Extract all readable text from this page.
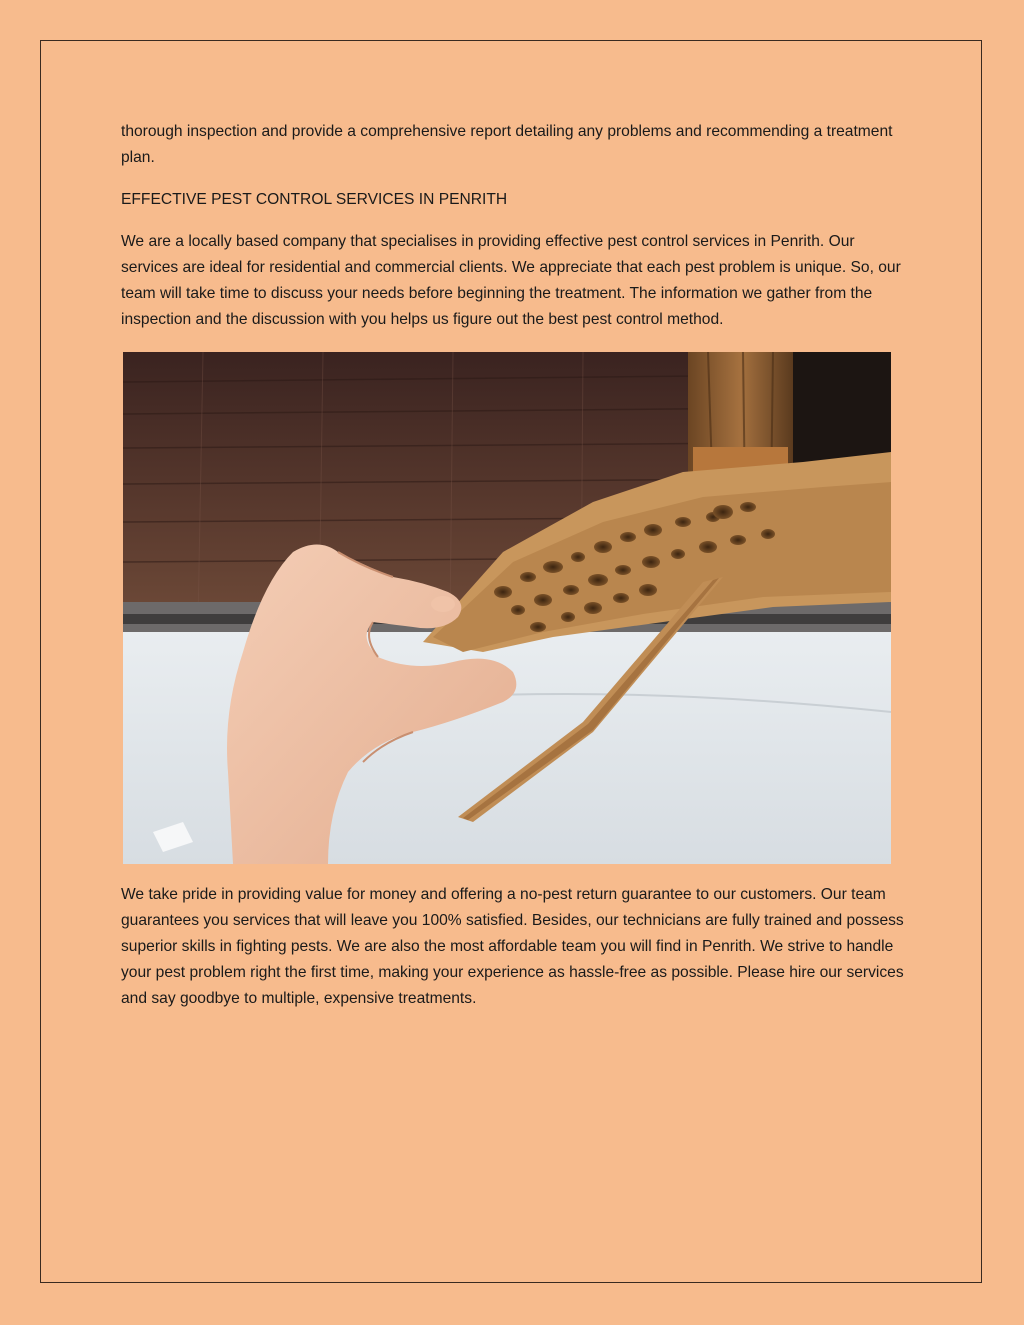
thorough inspection and provide a comprehensive report detailing any problems and recommending a treatment plan.

EFFECTIVE PEST CONTROL SERVICES IN PENRITH

We are a locally based company that specialises in providing effective pest control services in Penrith. Our services are ideal for residential and commercial clients. We appreciate that each pest problem is unique. So, our team will take time to discuss your needs before beginning the treatment. The information we gather from the inspection and the discussion with you helps us figure out the best pest control method.

We take pride in providing value for money and offering a no-pest return guarantee to our customers. Our team guarantees you services that will leave you 100% satisfied. Besides, our technicians are fully trained and possess superior skills in fighting pests. We are also the most affordable team you will find in Penrith. We strive to handle your pest problem right the first time, making your experience as hassle-free as possible. Please hire our services and say goodbye to multiple, expensive treatments.
